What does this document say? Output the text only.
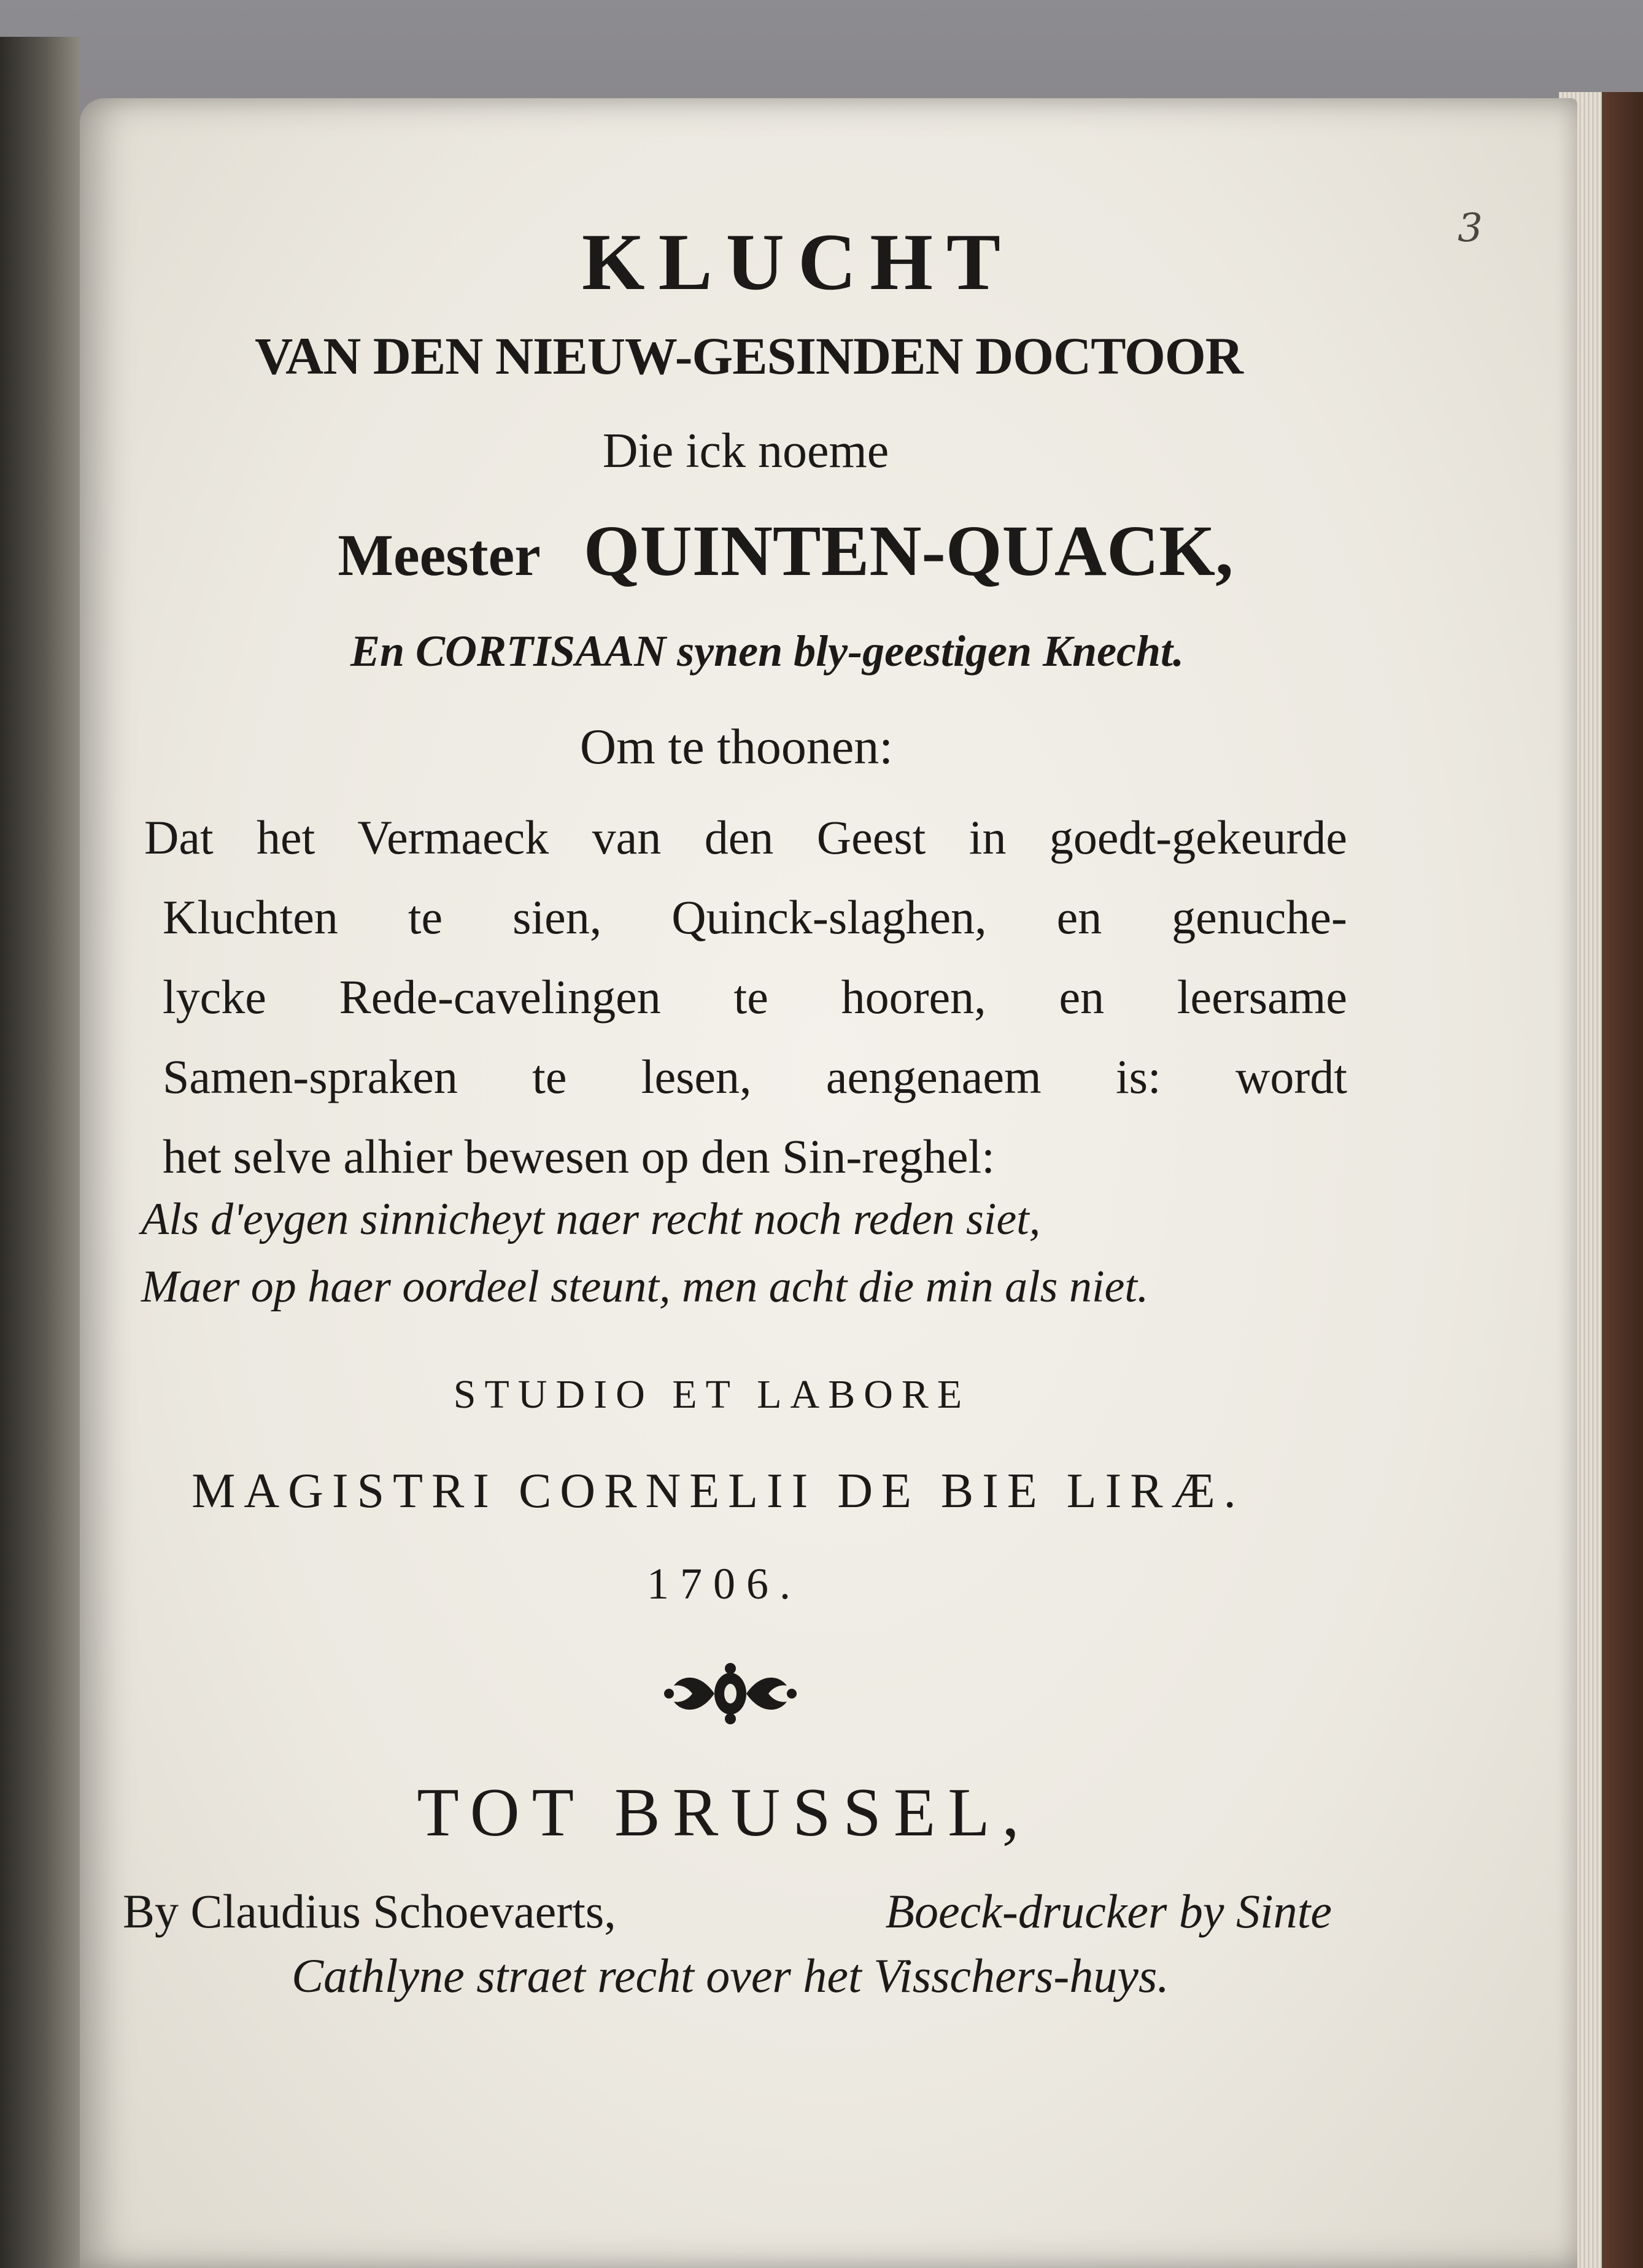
3
KLUCHT
VAN DEN NIEUW-GESINDEN DOCTOOR
Die ick noeme
Meester QUINTEN-QUACK,
En CORTISAAN synen bly-geestigen Knecht.
Om te thoonen:
Dat het Vermaeck van den Geest in goedt-gekeurde
Kluchten te sien, Quinck-slaghen, en genuche-
lycke Rede-cavelingen te hooren, en leersame
Samen-spraken te lesen, aengenaem is: wordt
het selve alhier bewesen op den Sin-reghel:
Als d'eygen sinnicheyt naer recht noch reden siet,
Maer op haer oordeel steunt, men acht die min als niet.
STUDIO ET LABORE
MAGISTRI CORNELII DE BIE LIRÆ.
1706.
TOT BRUSSEL,
By Claudius Schoevaerts,	Boeck-drucker by Sinte
Cathlyne straet recht over het Visschers-huys.
